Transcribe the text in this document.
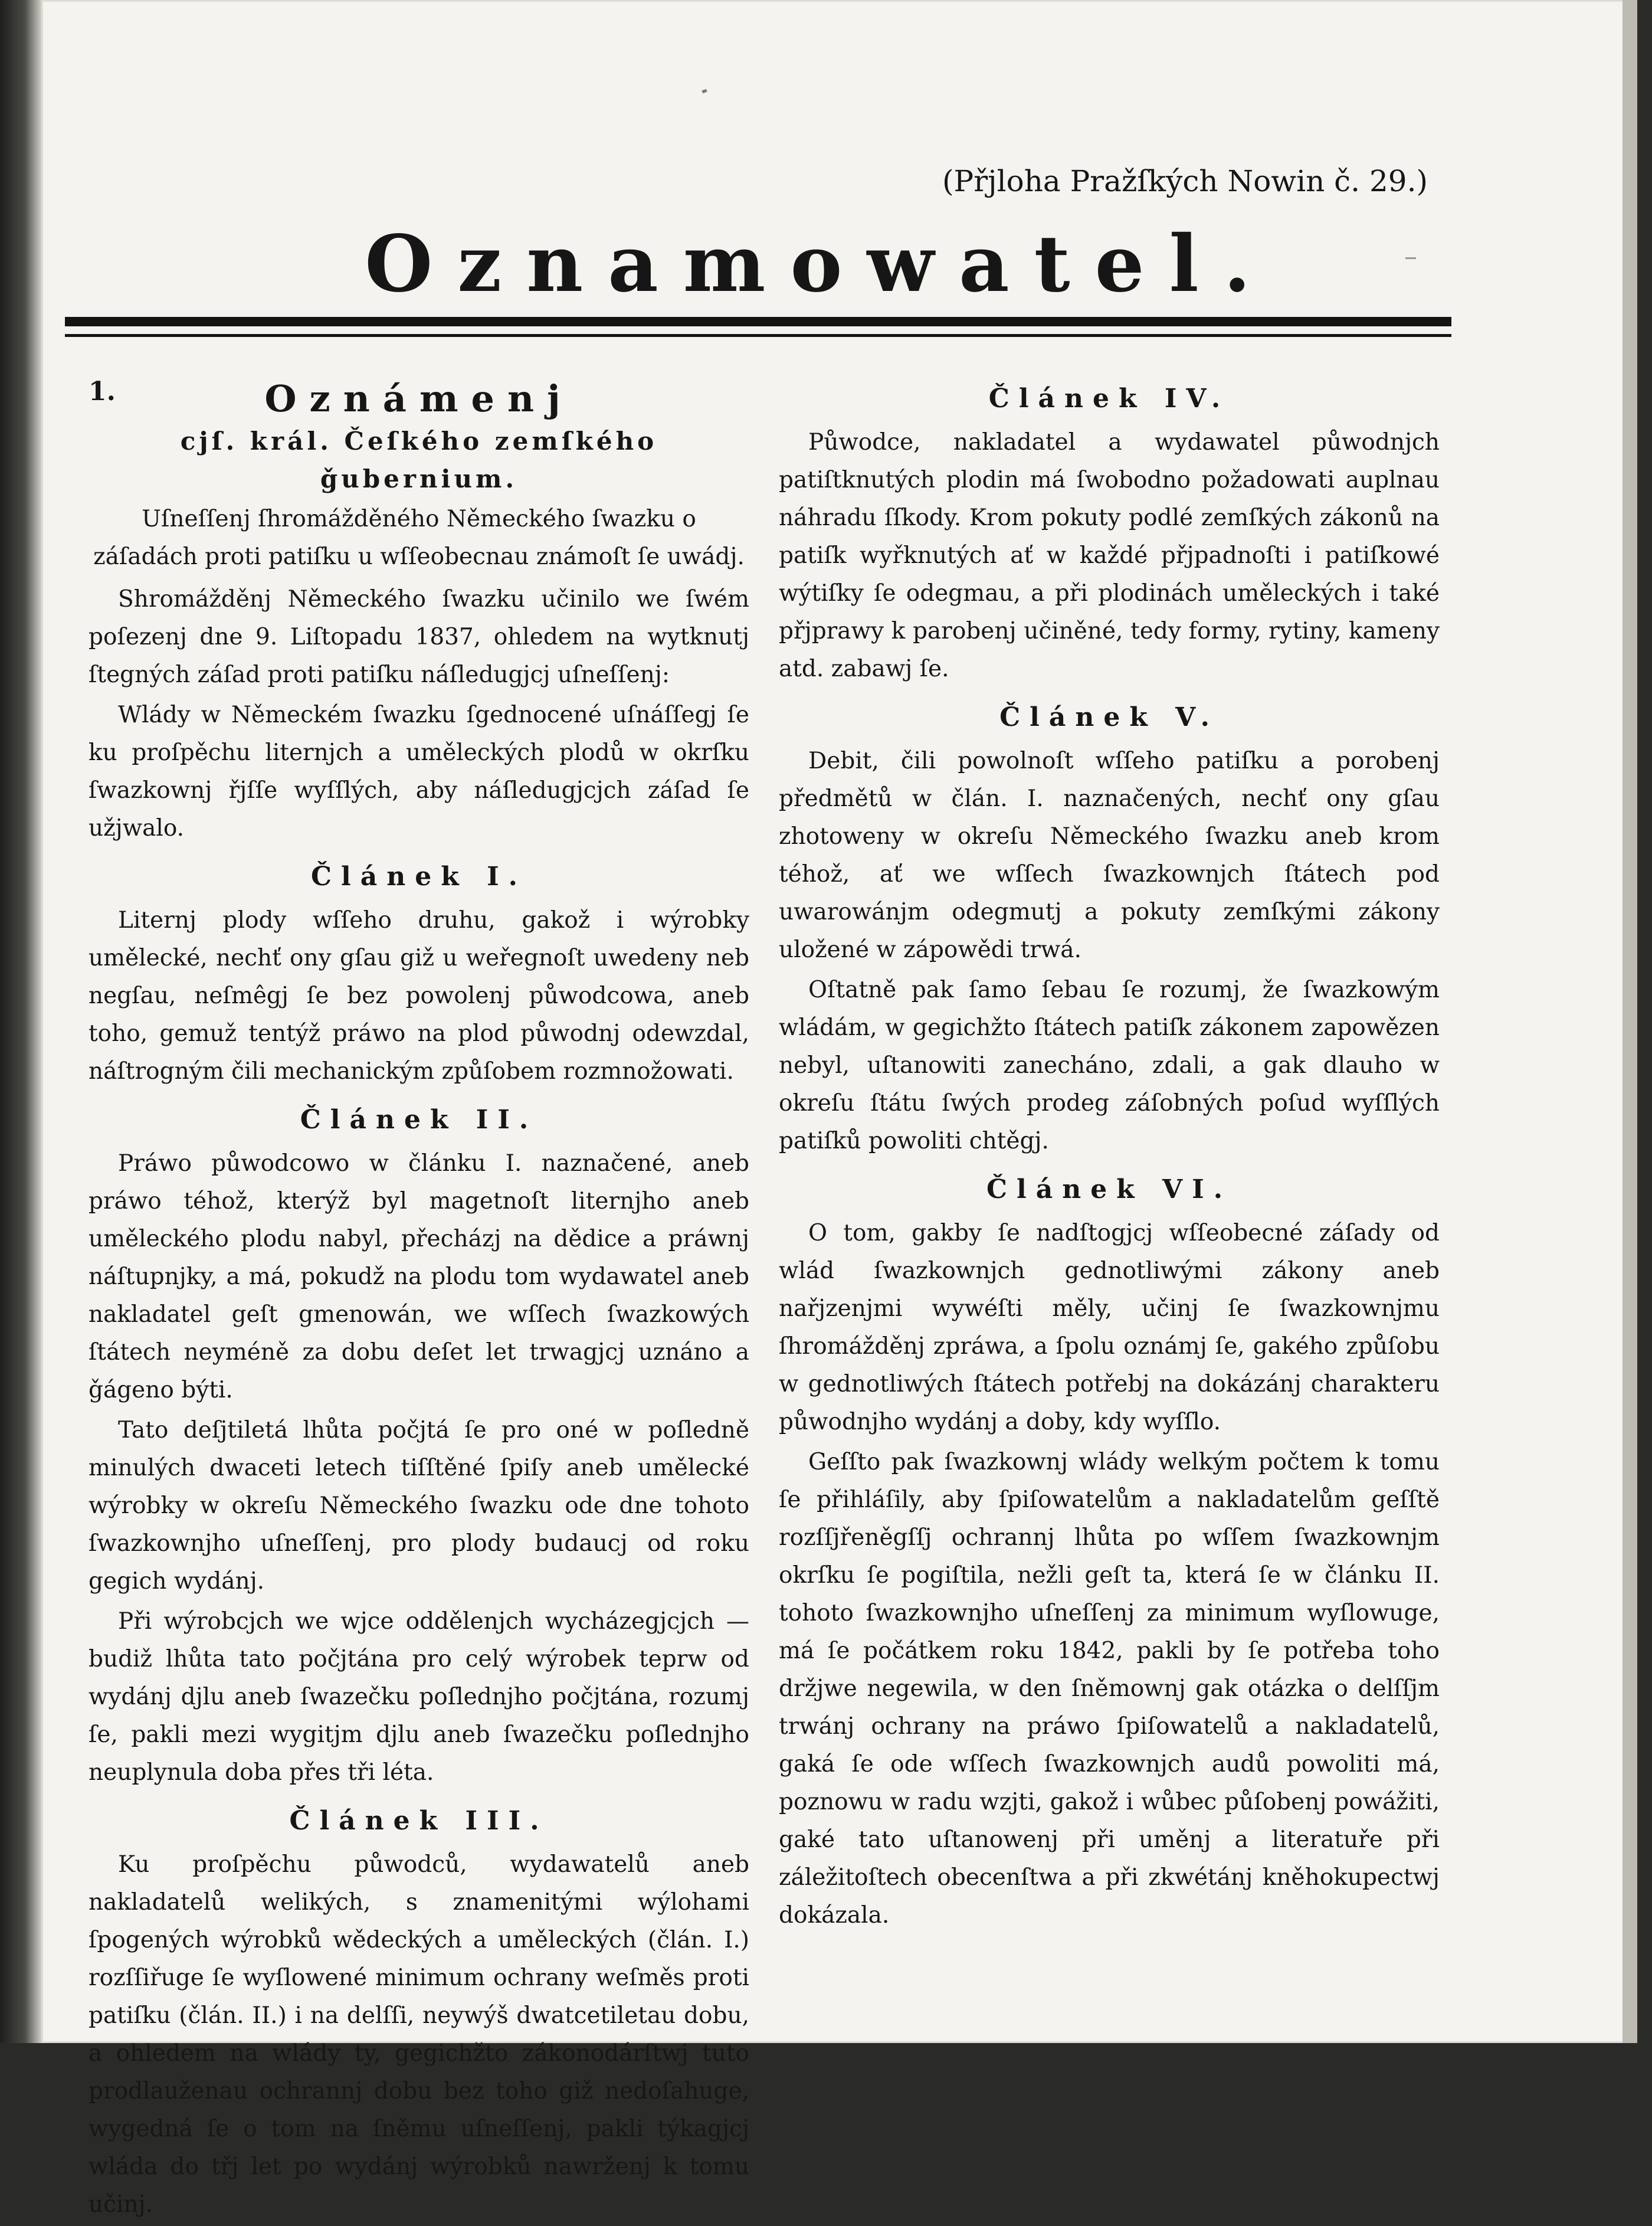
(Přjloha Pražſkých Nowin č. 29.)
Oznamowatel.

1.	Oznámenj
cjſ. král. Čeſkého zemſkého ǧubernium.
Uſneſſenj ſhromážděného Německého ſwazku o záſadách proti patiſku u wſſeobecnau známoſt ſe uwádj.

Shromážděnj Německého ſwazku učinilo we ſwém poſezenj dne 9. Liſtopadu 1837, ohledem na wytknutj ſtegných záſad proti patiſku náſledugjcj uſneſſenj:

Wlády w Německém ſwazku ſgednocené uſnáſſegj ſe ku proſpěchu liternjch a uměleckých plodů w okrſku ſwazkownj řjſſe wyſſlých, aby náſledugjcjch záſad ſe užjwalo.

Článek I.

Liternj plody wſſeho druhu, gakož i wýrobky umělecké, nechť ony gſau giž u weřegnoſt uwedeny neb negſau, neſmêgj ſe bez powolenj půwodcowa, aneb toho, gemuž tentýž práwo na plod půwodnj odewzdal, náſtrogným čili mechanickým způſobem rozmnožowati.

Článek II.

Práwo půwodcowo w článku I. naznačené, aneb práwo téhož, kterýž byl magetnoſt liternjho aneb uměleckého plodu nabyl, přecházj na dědice a práwnj náſtupnjky, a má, pokudž na plodu tom wydawatel aneb nakladatel geſt gmenowán, we wſſech ſwazkowých ſtátech neyméně za dobu deſet let trwagjcj uznáno a ǧágeno býti.

Tato deſjtiletá lhůta počjtá ſe pro oné w poſledně minulých dwaceti letech tiſſtěné ſpiſy aneb umělecké wýrobky w okreſu Německého ſwazku ode dne tohoto ſwazkownjho uſneſſenj, pro plody budaucj od roku gegich wydánj.

Při wýrobcjch we wjce oddělenjch wycházegjcjch — budiž lhůta tato počjtána pro celý wýrobek teprw od wydánj djlu aneb ſwazečku poſlednjho počjtána, rozumj ſe, pakli mezi wygitjm djlu aneb ſwazečku poſlednjho neuplynula doba přes tři léta.

Článek III.

Ku proſpěchu půwodců, wydawatelů aneb nakladatelů welikých, s znamenitými wýlohami ſpogených wýrobků wědeckých a uměleckých (člán. I.) rozſſiřuge ſe wyſlowené minimum ochrany weſměs proti patiſku (člán. II.) i na delſſi, neywýš dwatcetiletau dobu, a ohledem na wlády ty, gegichžto zákonodárſtwj tuto prodlauženau ochrannj dobu bez toho giž nedoſahuge, wygedná ſe o tom na ſněmu uſneſſenj, pakli týkagjcj wláda do třj let po wydánj wýrobků nawrženj k tomu učinj.

Článek IV.

Půwodce, nakladatel a wydawatel půwodnjch patiſtknutých plodin má ſwobodno požadowati auplnau náhradu ſſkody. Krom pokuty podlé zemſkých zákonů na patiſk wyřknutých ať w každé přjpadnoſti i patiſkowé wýtiſky ſe odegmau, a při plodinách uměleckých i také přjprawy k parobenj učiněné, tedy formy, rytiny, kameny atd. zabawj ſe.

Článek V.

Debit, čili powolnoſt wſſeho patiſku a porobenj předmětů w člán. I. naznačených, nechť ony gſau zhotoweny w okreſu Německého ſwazku aneb krom téhož, ať we wſſech ſwazkownjch ſtátech pod uwarowánjm odegmutj a pokuty zemſkými zákony uložené w zápowědi trwá.

Oſtatně pak ſamo ſebau ſe rozumj, že ſwazkowým wládám, w gegichžto ſtátech patiſk zákonem zapowězen nebyl, uſtanowiti zanecháno, zdali, a gak dlauho w okreſu ſtátu ſwých prodeg záſobných poſud wyſſlých patiſků powoliti chtěgj.

Článek VI.

O tom, gakby ſe nadſtogjcj wſſeobecné záſady od wlád ſwazkownjch gednotliwými zákony aneb nařjzenjmi wywéſti měly, učinj ſe ſwazkownjmu ſhromážděnj zpráwa, a ſpolu oznámj ſe, gakého způſobu w gednotliwých ſtátech potřebj na dokázánj charakteru půwodnjho wydánj a doby, kdy wyſſlo.

Geſſto pak ſwazkownj wlády welkým počtem k tomu ſe přihláſily, aby ſpiſowatelům a nakladatelům geſſtě rozſſjřeněgſſj ochrannj lhůta po wſſem ſwazkownjm okrſku ſe pogiſtila, nežli geſt ta, která ſe w článku II. tohoto ſwazkownjho uſneſſenj za minimum wyſlowuge, má ſe počátkem roku 1842, pakli by ſe potřeba toho držjwe negewila, w den ſněmownj gak otázka o delſſjm trwánj ochrany na práwo ſpiſowatelů a nakladatelů, gaká ſe ode wſſech ſwazkownjch audů powoliti má, poznowu w radu wzjti, gakož i wůbec půſobenj powážiti, gaké tato uſtanowenj při uměnj a literatuře při záležitoſtech obecenſtwa a při zkwétánj kněhokupectwj dokázala.
